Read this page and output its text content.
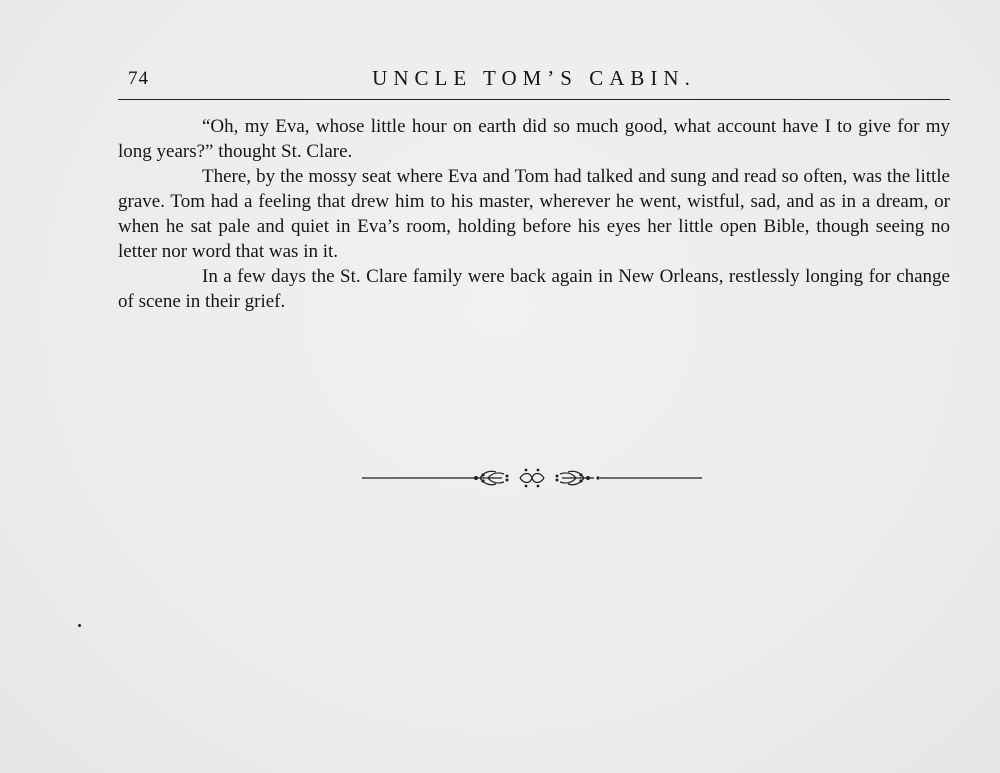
74	UNCLE TOM’S CABIN.

“Oh, my Eva, whose little hour on earth did so much good, what account have I to give for my long years?” thought St. Clare.

There, by the mossy seat where Eva and Tom had talked and sung and read so often, was the little grave. Tom had a feeling that drew him to his master, wherever he went, wistful, sad, and as in a dream, or when he sat pale and quiet in Eva’s room, holding before his eyes her little open Bible, though seeing no letter nor word that was in it.

In a few days the St. Clare family were back again in New Orleans, restlessly longing for change of scene in their grief.
